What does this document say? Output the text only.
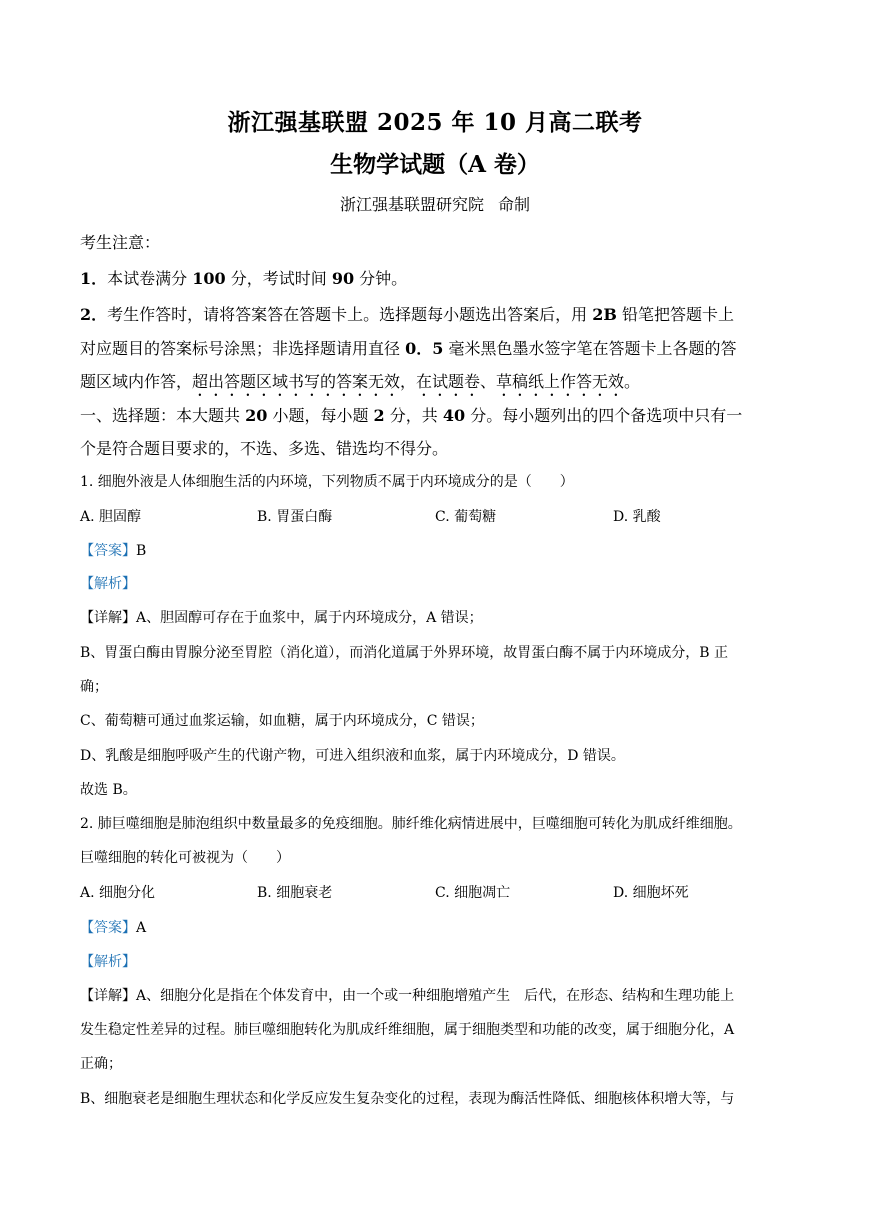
浙江强基联盟 2025 年 10 月高二联考
生物学试题（A 卷）
浙江强基联盟研究院 命制
考生注意：
1．本试卷满分 100 分，考试时间 90 分钟。
2．考生作答时，请将答案答在答题卡上。选择题每小题选出答案后，用 2B 铅笔把答题卡上
对应题目的答案标号涂黑；非选择题请用直径 0．5 毫米黑色墨水签字笔在答题卡上各题的答
题区域内作答，超出答题区域书写的答案无效，在试题卷、草稿纸上作答无效。
一、选择题：本大题共 20 小题，每小题 2 分，共 40 分。每小题列出的四个备选项中只有一
个是符合题目要求的，不选、多选、错选均不得分。
1. 细胞外液是人体细胞生活的内环境，下列物质不属于内环境成分的是（　　）
A. 胆固醇	B. 胃蛋白酶	C. 葡萄糖	D. 乳酸
【答案】B
【解析】
【详解】A、胆固醇可存在于血浆中，属于内环境成分，A 错误；
B、胃蛋白酶由胃腺分泌至胃腔（消化道），而消化道属于外界环境，故胃蛋白酶不属于内环境成分，B 正
确；
C、葡萄糖可通过血浆运输，如血糖，属于内环境成分，C 错误；
D、乳酸是细胞呼吸产生的代谢产物，可进入组织液和血浆，属于内环境成分，D 错误。
故选 B。
2. 肺巨噬细胞是肺泡组织中数量最多的免疫细胞。肺纤维化病情进展中，巨噬细胞可转化为肌成纤维细胞。
巨噬细胞的转化可被视为（　　）
A. 细胞分化	B. 细胞衰老	C. 细胞凋亡	D. 细胞坏死
【答案】A
【解析】
【详解】A、细胞分化是指在个体发育中，由一个或一种细胞增殖产生　后代，在形态、结构和生理功能上
发生稳定性差异的过程。肺巨噬细胞转化为肌成纤维细胞，属于细胞类型和功能的改变，属于细胞分化，A
正确；
B、细胞衰老是细胞生理状态和化学反应发生复杂变化的过程，表现为酶活性降低、细胞核体积增大等，与
